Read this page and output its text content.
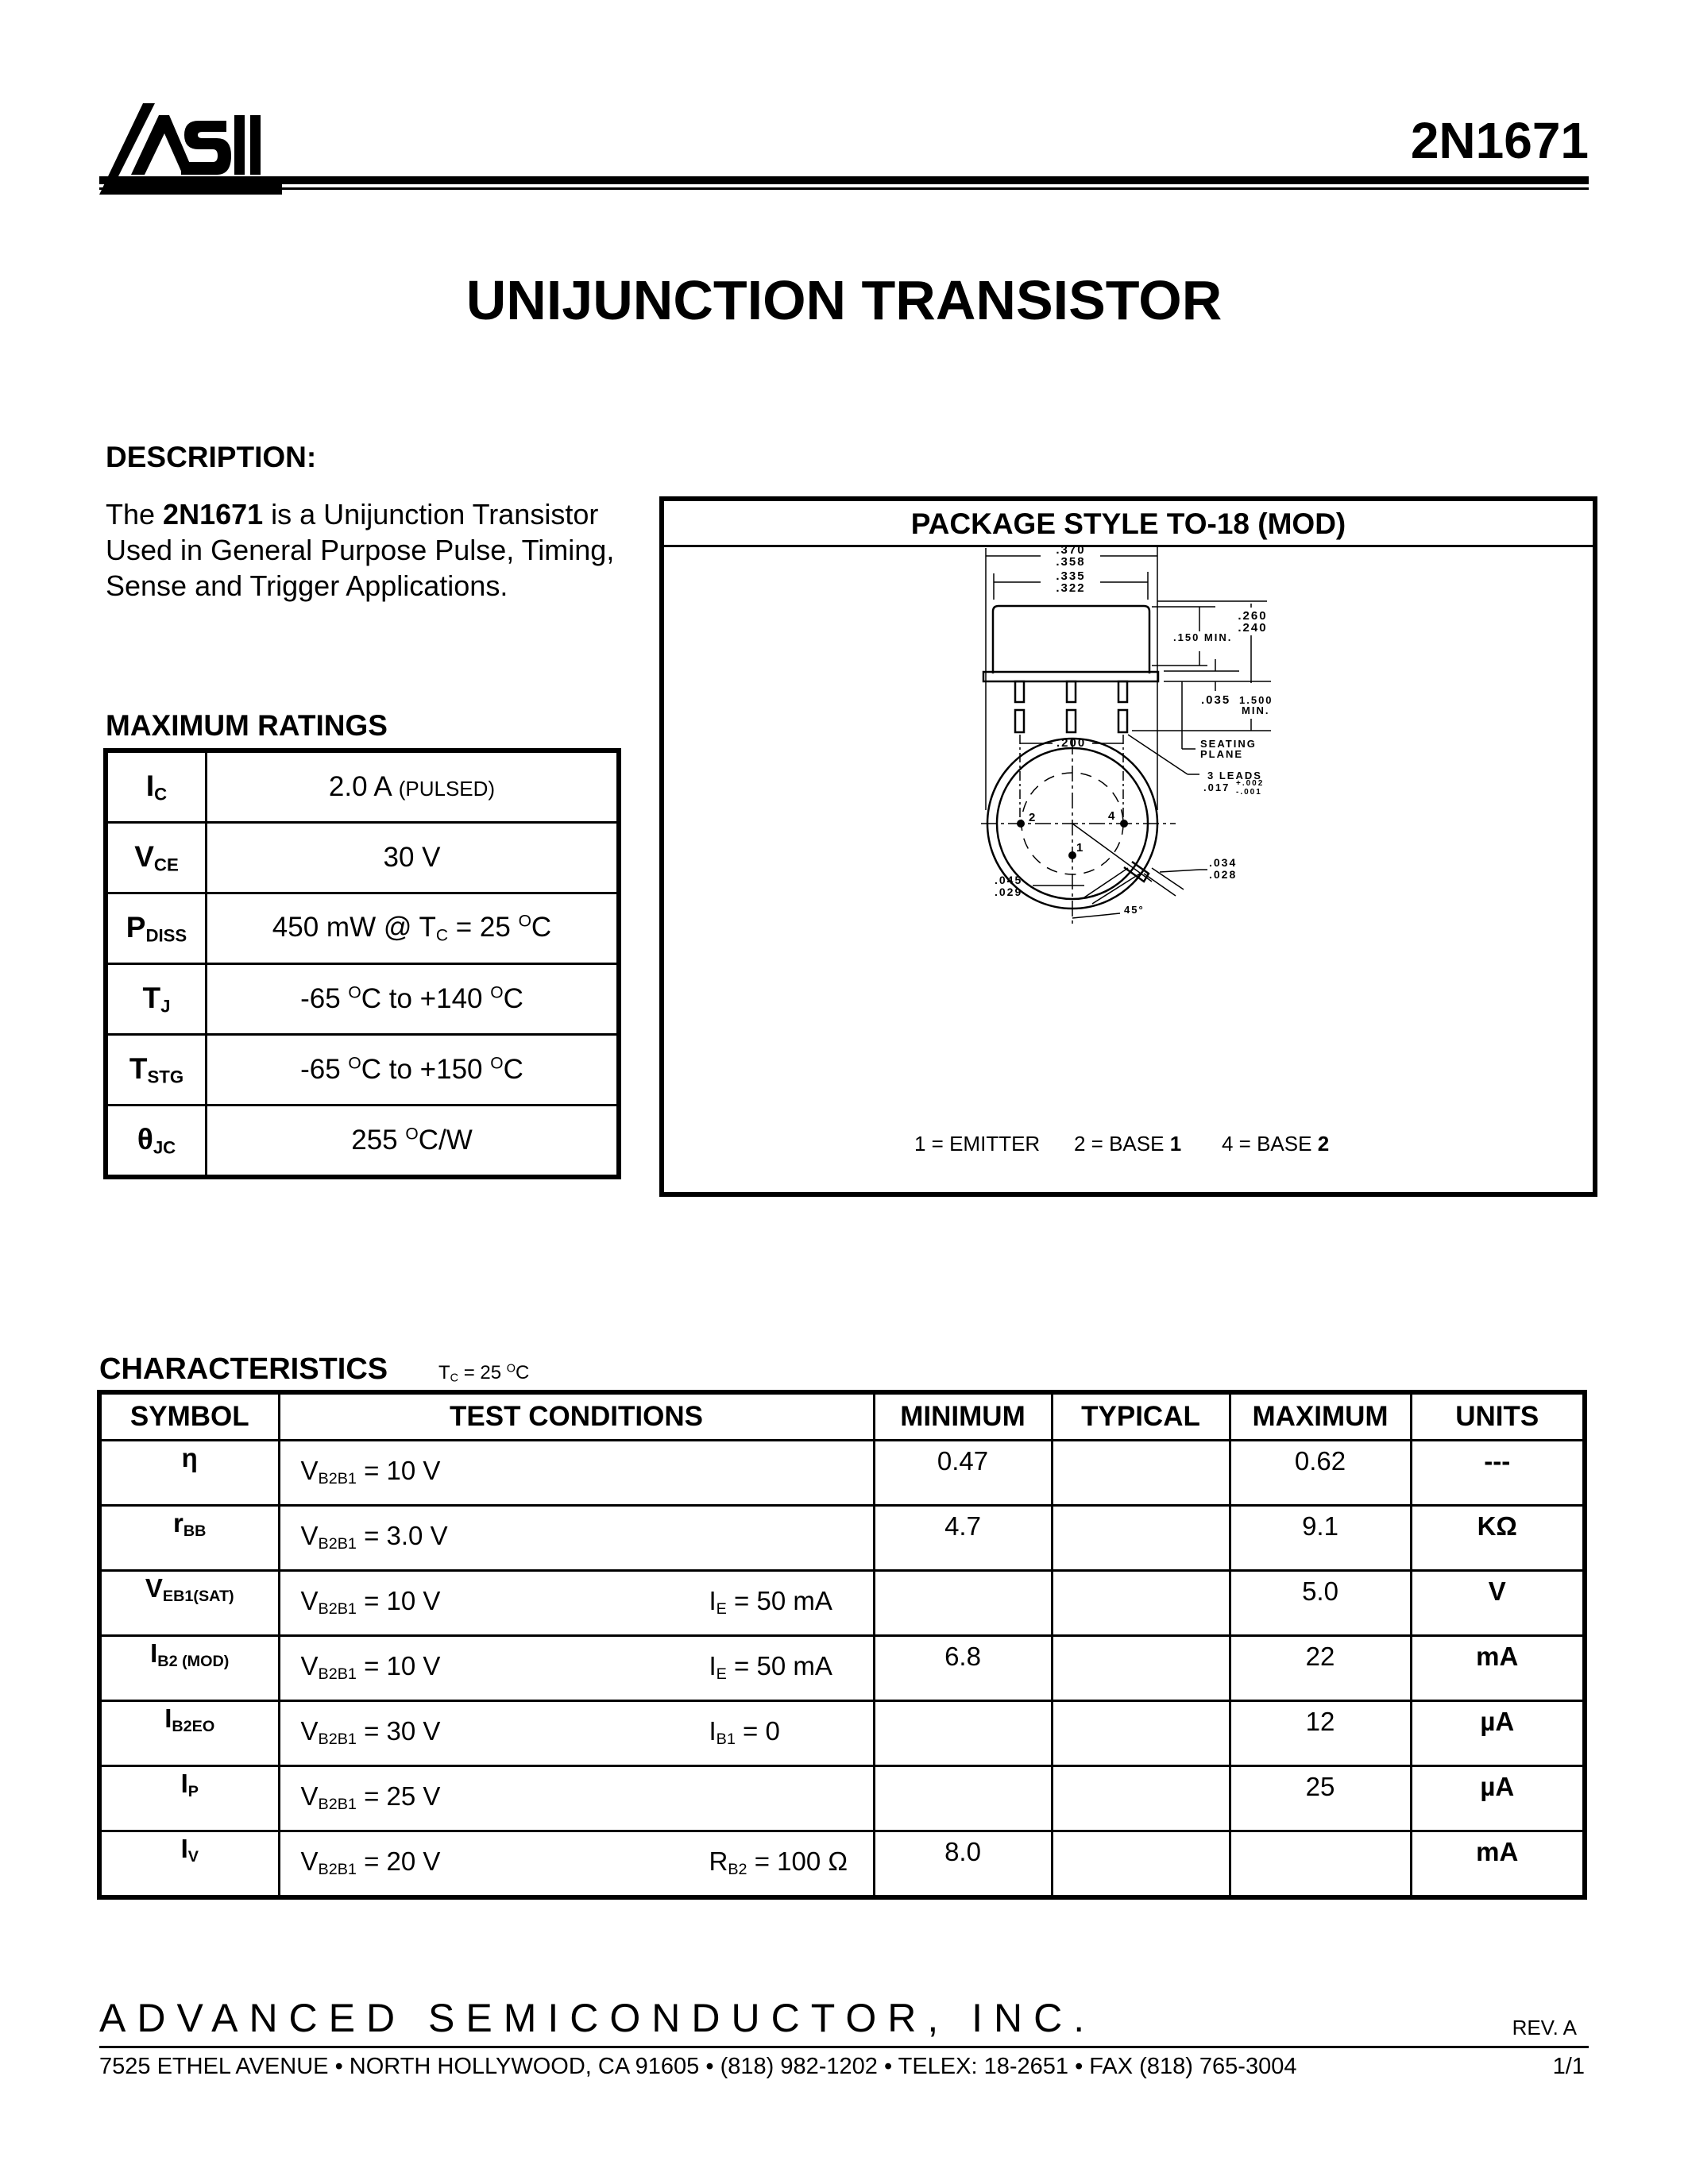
2N1671
UNIJUNCTION TRANSISTOR
DESCRIPTION:
The 2N1671 is a Unijunction Transistor Used in General Purpose Pulse, Timing, Sense and Trigger Applications.
MAXIMUM RATINGS
$I_C$	2.0 A (PULSED)
$V_{CE}$	30 V
$P_{DISS}$	450 mW @ $T_C = 25$ $^O$C
$T_J$	-65 $^O$C to +140 $^O$C
$T_{STG}$	-65 $^O$C to +150 $^O$C
$\theta_{JC}$	255 $^O$C/W
PACKAGE STYLE TO-18 (MOD)
.370
.358
.335
.322
.260
.240
.150 MIN.
.035 1.500
MIN.
.200	SEATING
PLANE
3 LEADS
.017 +.002
-.001
.034
.028
.045
.029
45°
2	4
1
1 = EMITTER 2 = BASE 1 4 = BASE 2
CHARACTERISTICS	$T_C = 25$ $^O$C
SYMBOL	TEST CONDITIONS	MINIMUM	TYPICAL	MAXIMUM	UNITS
η	$V_{B2B1} = 10$ V	0.47		0.62	---
$r_{BB}$	$V_{B2B1} = 3.0$ V	4.7		9.1	KΩ
$V_{EB1(SAT)}$	$V_{B2B1} = 10$ V $I_E = 50$ mA			5.0	V
$I_{B2 (MOD)}$	$V_{B2B1} = 10$ V $I_E = 50$ mA	6.8		22	mA
$I_{B2EO}$	$V_{B2B1} = 30$ V $I_{B1} = 0$			12	µA
$I_P$	$V_{B2B1} = 25$ V			25	µA
$I_V$	$V_{B2B1} = 20$ V $R_{B2} = 100$ Ω	8.0			mA
ADVANCED SEMICONDUCTOR, INC.	REV. A
7525 ETHEL AVENUE • NORTH HOLLYWOOD, CA 91605 • (818) 982-1202 • TELEX: 18-2651 • FAX (818) 765-3004	1/1
